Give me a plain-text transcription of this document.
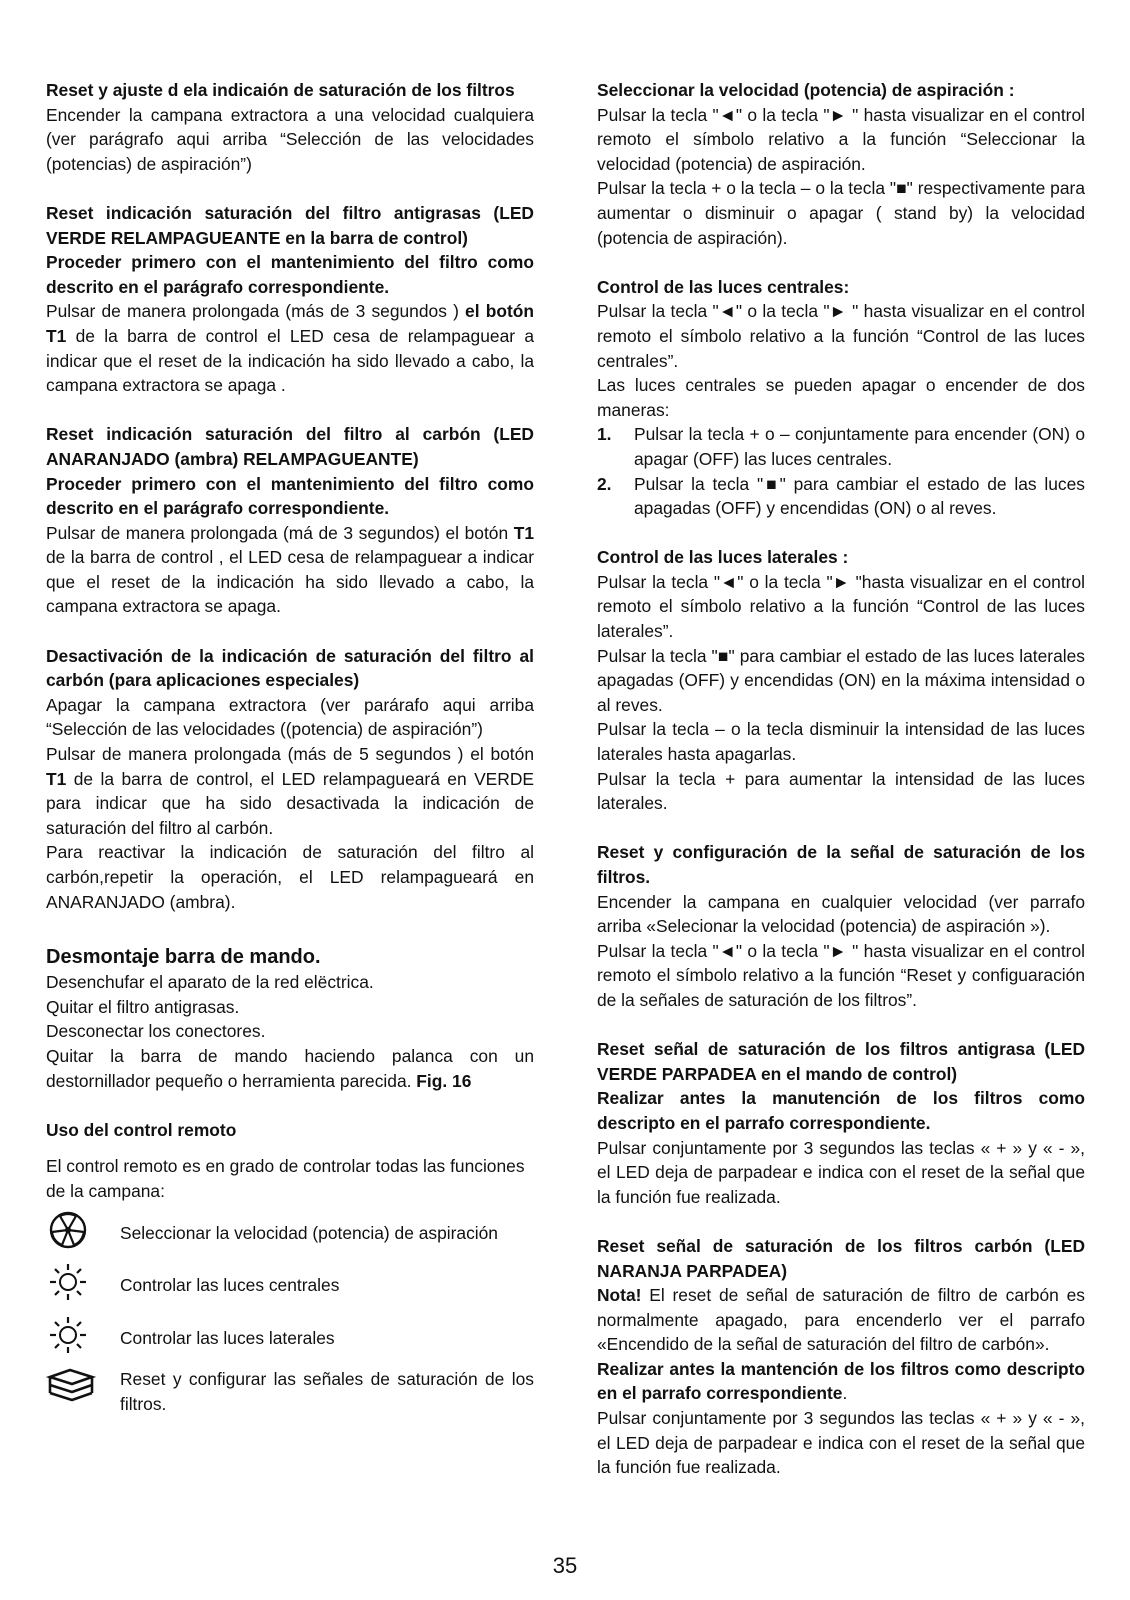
Reset y ajuste d ela indicaión de saturación de los filtros

Encender la campana extractora a una velocidad cualquiera (ver parágrafo aqui arriba “Selección de las velocidades (potencias) de aspiración”)

Reset indicación saturación del filtro antigrasas (LED VERDE RELAMPAGUEANTE en la barra de control)

Proceder primero con el mantenimiento del filtro como descrito en el parágrafo correspondiente.

Pulsar de manera prolongada (más de 3 segundos ) el botón T1 de la barra de control el LED cesa de relampaguear a indicar que el reset de la indicación ha sido llevado a cabo, la campana extractora se apaga .

Reset indicación saturación del filtro al carbón (LED ANARANJADO (ambra) RELAMPAGUEANTE)

Proceder primero con el mantenimiento del filtro como descrito en el parágrafo correspondiente.

Pulsar de manera prolongada (má de 3 segundos) el botón T1 de la barra de control , el LED cesa de relampaguear a indicar que el reset de la indicación ha sido llevado a cabo, la campana extractora se apaga.

Desactivación de la indicación de saturación del filtro al carbón (para aplicaciones especiales)

Apagar la campana extractora (ver parárafo aqui arriba “Selección de las velocidades ((potencia) de aspiración”)

Pulsar de manera prolongada (más de 5 segundos ) el botón T1 de la barra de control, el LED relampagueará en VERDE para indicar que ha sido desactivada la indicación de saturación del filtro al carbón.

Para reactivar la indicación de saturación del filtro al carbón,repetir la operación, el LED relampagueará en ANARANJADO (ambra).

Desmontaje barra de mando.

Desenchufar el aparato de la red elëctrica.

Quitar el filtro antigrasas.

Desconectar los conectores.

Quitar la barra de mando haciendo palanca con un destornillador pequeño o herramienta parecida. Fig. 16

Uso del control remoto

El control remoto es en grado de controlar todas las funciones de la campana:

Seleccionar la velocidad (potencia) de aspiración
Controlar las luces centrales
Controlar las luces laterales
Reset y configurar las señales de saturación de los filtros.

Seleccionar la velocidad (potencia) de aspiración :

Pulsar la tecla "◄" o la tecla "► " hasta visualizar en el control remoto el símbolo relativo a la función “Seleccionar la velocidad (potencia) de aspiración.

Pulsar la tecla + o la tecla – o la tecla "■" respectivamente para aumentar o disminuir o apagar ( stand by) la velocidad (potencia de aspiración).

Control de las luces centrales:

Pulsar la tecla "◄" o la tecla "► " hasta visualizar en el control remoto el símbolo relativo a la función “Control de las luces centrales”.

Las luces centrales se pueden apagar o encender de dos maneras:

1.	Pulsar la tecla + o – conjuntamente para encender (ON) o apagar (OFF) las luces centrales.
2.	Pulsar la tecla "■" para cambiar el estado de las luces apagadas (OFF) y encendidas (ON) o al reves.

Control de las luces laterales :

Pulsar la tecla "◄" o la tecla "► "hasta visualizar en el control remoto el símbolo relativo a la función “Control de las luces laterales”.

Pulsar la tecla "■" para cambiar el estado de las luces laterales apagadas (OFF) y encendidas (ON) en la máxima intensidad o al reves.

Pulsar la tecla – o la tecla disminuir la intensidad de las luces laterales hasta apagarlas.

Pulsar la tecla + para aumentar la intensidad de las luces laterales.

Reset y configuración de la señal de saturación de los filtros.

Encender la campana en cualquier velocidad (ver parrafo arriba «Selecionar la velocidad (potencia) de aspiración »).

Pulsar la tecla "◄" o la tecla "► " hasta visualizar en el control remoto el símbolo relativo a la función “Reset y configuaración de la señales de saturación de los filtros”.

Reset señal de saturación de los filtros antigrasa (LED VERDE PARPADEA en el mando de control)

Realizar antes la manutención de los filtros como descripto en el parrafo correspondiente.

Pulsar conjuntamente por 3 segundos las teclas « + » y « - », el LED deja de parpadear e indica con el reset de la señal que la función fue realizada.

Reset señal de saturación de los filtros carbón (LED NARANJA PARPADEA)

Nota! El reset de señal de saturación de filtro de carbón es normalmente apagado, para encenderlo ver el parrafo «Encendido de la señal de saturación del filtro de carbón».

Realizar antes la mantención de los filtros como descripto en el parrafo correspondiente.

Pulsar conjuntamente por 3 segundos las teclas « + » y « - », el LED deja de parpadear e indica con el reset de la señal que la función fue realizada.

35
